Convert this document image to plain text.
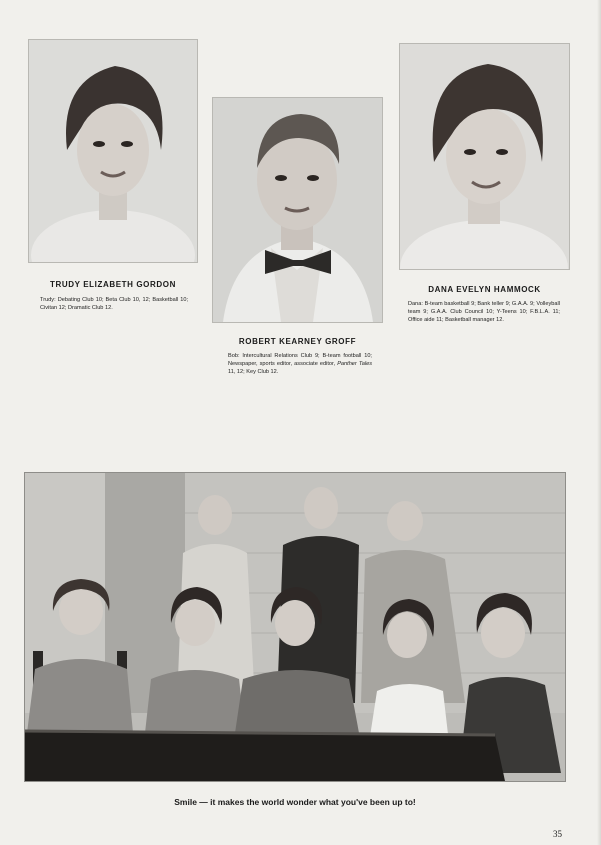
TRUDY ELIZABETH GORDON
Trudy: Debating Club 10; Beta Club 10, 12; Basketball 10; Civitan 12; Dramatic Club 12.
ROBERT KEARNEY GROFF
Bob: Intercultural Relations Club 9; B-team football 10; Newspaper, sports editor, associate editor, Panther Tales 11, 12; Key Club 12.
DANA EVELYN HAMMOCK
Dana: B-team basketball 9; Bank teller 9; G.A.A. 9; Volleyball team 9; G.A.A. Club Council 10; Y-Teens 10; F.B.L.A. 11; Office aide 11; Basketball manager 12.
Smile — it makes the world wonder what you've been up to!
35
